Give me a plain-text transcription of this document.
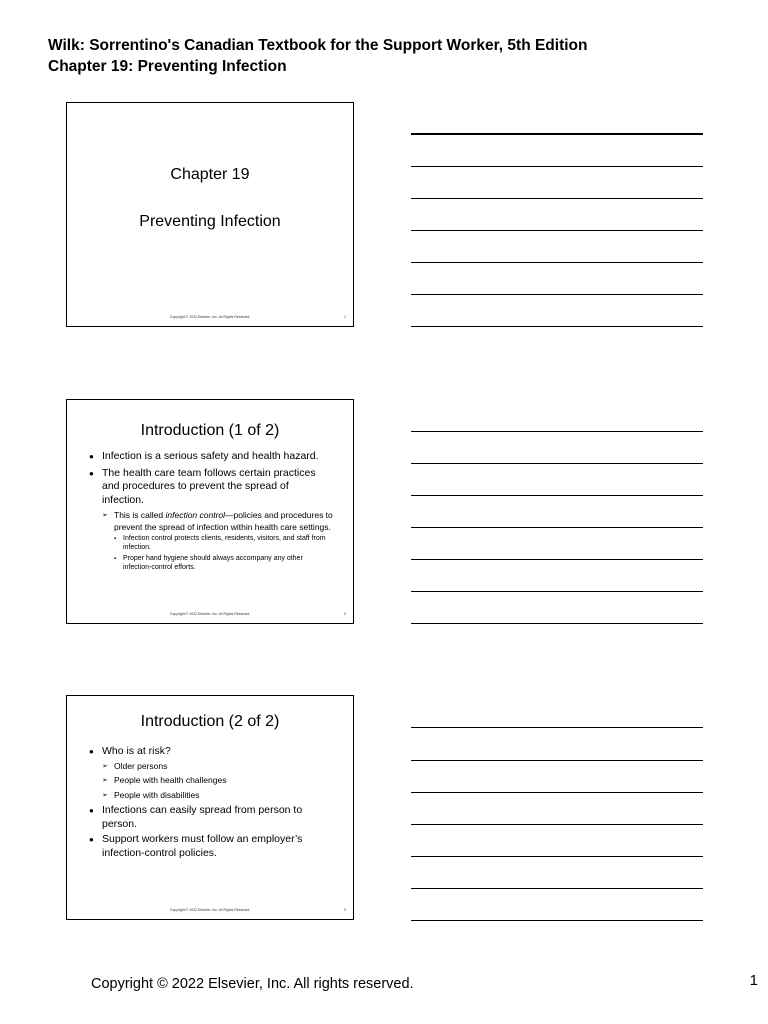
Wilk: Sorrentino's Canadian Textbook for the Support Worker, 5th Edition
Chapter 19: Preventing Infection
Chapter 19
Preventing Infection
Copyright © 2022 Elsevier, Inc. All Rights Reserved.	1
Introduction (1 of 2)
● Infection is a serious safety and health hazard.
● The health care team follows certain practices and procedures to prevent the spread of infection.
➢ This is called infection control—policies and procedures to prevent the spread of infection within health care settings.
▪ Infection control protects clients, residents, visitors, and staff from infection.
▪ Proper hand hygiene should always accompany any other infection-control efforts.
Copyright © 2022 Elsevier, Inc. All Rights Reserved.	2
Introduction (2 of 2)
● Who is at risk?
➢ Older persons
➢ People with health challenges
➢ People with disabilities
● Infections can easily spread from person to person.
● Support workers must follow an employer’s infection-control policies.
Copyright © 2022 Elsevier, Inc. All Rights Reserved.	3
Copyright © 2022 Elsevier, Inc. All rights reserved.	1
